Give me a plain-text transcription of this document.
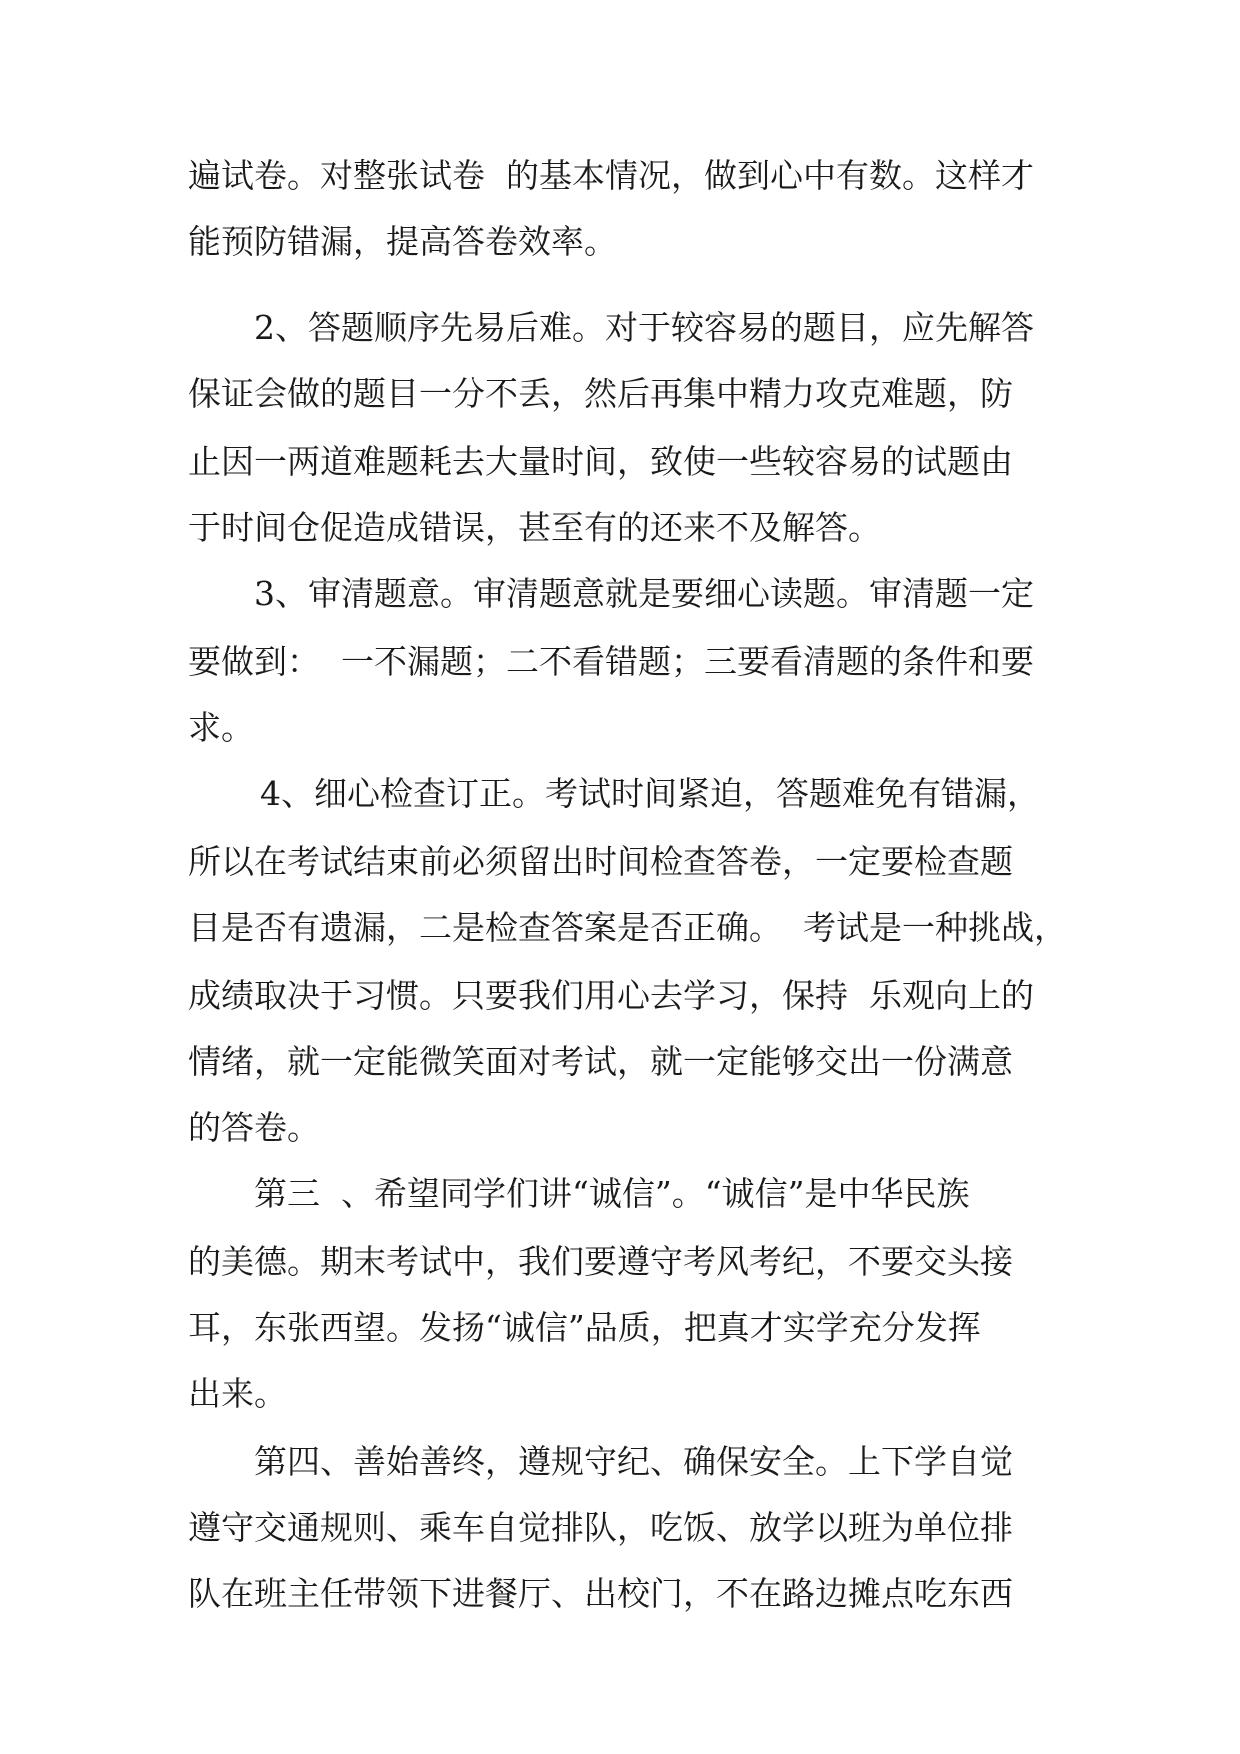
遍试卷。对整张试卷  的基本情况，做到心中有数。这样才

能预防错漏，提高答卷效率。

2、答题顺序先易后难。对于较容易的题目，应先解答

保证会做的题目一分不丢，然后再集中精力攻克难题，防

止因一两道难题耗去大量时间，致使一些较容易的试题由

于时间仓促造成错误，甚至有的还来不及解答。

3、审清题意。审清题意就是要细心读题。审清题一定

要做到：  一不漏题；二不看错题；三要看清题的条件和要

求。

4、细心检查订正。考试时间紧迫，答题难免有错漏，

所以在考试结束前必须留出时间检查答卷，一定要检查题

目是否有遗漏，二是检查答案是否正确。  考试是一种挑战，

成绩取决于习惯。只要我们用心去学习，保持  乐观向上的

情绪，就一定能微笑面对考试，就一定能够交出一份满意

的答卷。

第三  、希望同学们讲“诚信”。“诚信”是中华民族

的美德。期末考试中，我们要遵守考风考纪，不要交头接

耳，东张西望。发扬“诚信”品质，把真才实学充分发挥

出来。

第四、善始善终，遵规守纪、确保安全。上下学自觉

遵守交通规则、乘车自觉排队，吃饭、放学以班为单位排

队在班主任带领下进餐厅、出校门，不在路边摊点吃东西
